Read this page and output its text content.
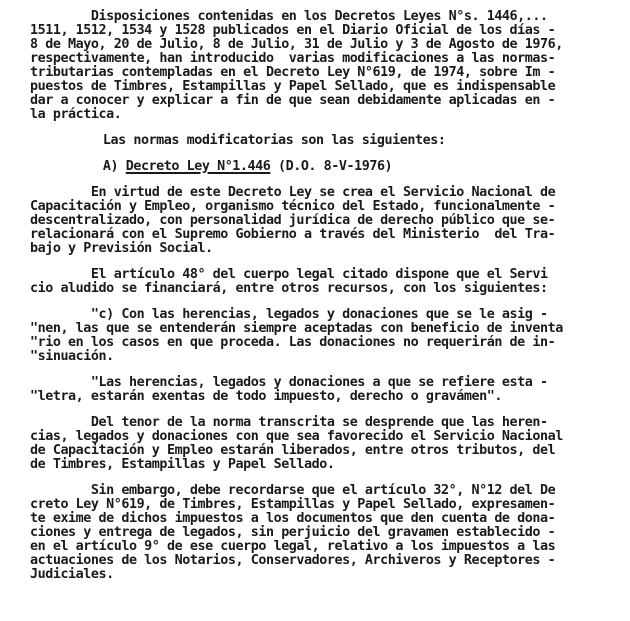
Disposiciones contenidas en los Decretos Leyes N°s. 1446,...
1511, 1512, 1534 y 1528 publicados en el Diario Oficial de los días -
8 de Mayo, 20 de Julio, 8 de Julio, 31 de Julio y 3 de Agosto de 1976,
respectivamente, han introducido  varias modificaciones a las normas-
tributarias contempladas en el Decreto Ley N°619, de 1974, sobre Im -
puestos de Timbres, Estampillas y Papel Sellado, que es indispensable
dar a conocer y explicar a fin de que sean debidamente aplicadas en -
la práctica.
Las normas modificatorias son las siguientes:
A) Decreto Ley N°1.446 (D.O. 8-V-1976)
En virtud de este Decreto Ley se crea el Servicio Nacional de
Capacitación y Empleo, organismo técnico del Estado, funcionalmente -
descentralizado, con personalidad jurídica de derecho público que se-
relacionará con el Supremo Gobierno a través del Ministerio  del Tra-
bajo y Previsión Social.
El artículo 48° del cuerpo legal citado dispone que el Servi
cio aludido se financiará, entre otros recursos, con los siguientes:
"c) Con las herencias, legados y donaciones que se le asig -
"nen, las que se entenderán siempre aceptadas con beneficio de inventa
"rio en los casos en que proceda. Las donaciones no requerirán de in-
"sinuación.
"Las herencias, legados y donaciones a que se refiere esta -
"letra, estarán exentas de todo impuesto, derecho o gravámen".
Del tenor de la norma transcrita se desprende que las heren-
cias, legados y donaciones con que sea favorecido el Servicio Nacional
de Capacitación y Empleo estarán liberados, entre otros tributos, del
de Timbres, Estampillas y Papel Sellado.
Sin embargo, debe recordarse que el artículo 32°, N°12 del De
creto Ley N°619, de Timbres, Estampillas y Papel Sellado, expresamen-
te exime de dichos impuestos a los documentos que den cuenta de dona-
ciones y entrega de legados, sin perjuicio del gravamen establecido -
en el artículo 9° de ese cuerpo legal, relativo a los impuestos a las
actuaciones de los Notarios, Conservadores, Archiveros y Receptores -
Judiciales.
